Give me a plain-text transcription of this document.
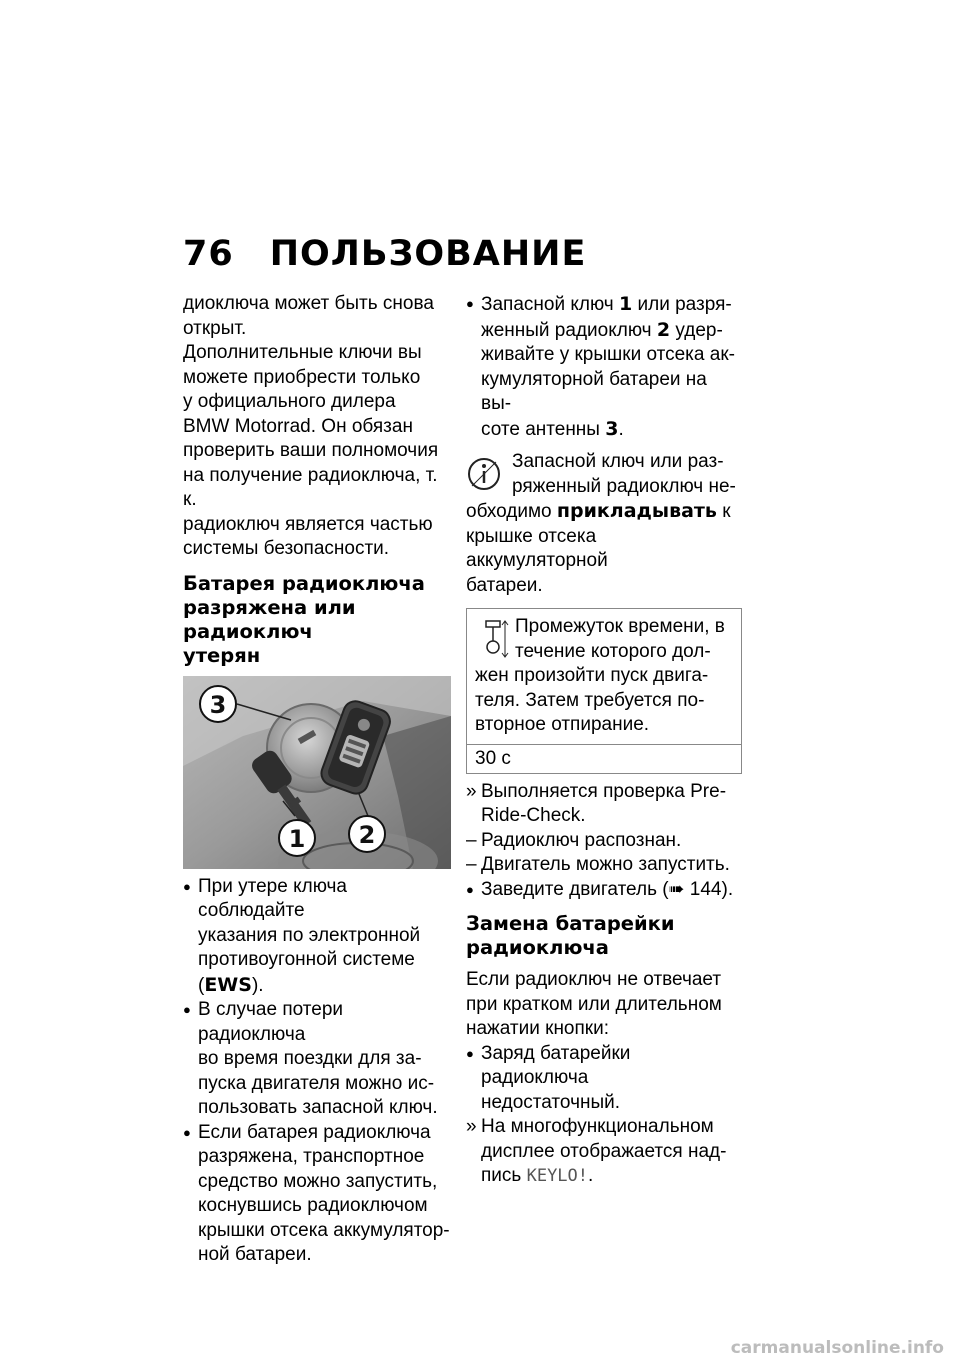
76 ПОЛЬЗОВАНИЕ

диоключа может быть снова

открыт.

Дополнительные ключи вы

можете приобрести только

у официального дилера

BMW Motorrad. Он обязан

проверить ваши полномочия

на получение радиоключа, т. к.

радиоключ является частью

системы безопасности.

Батарея радиоключа
разряжена или радиоключ
утерян
3
1 2
● При утере ключа соблюдайте
указания по электронной
противоугонной системе
(EWS).
● В случае потери радиоключа
во время поездки для за-
пуска двигателя можно ис-
пользовать запасной ключ.
● Если батарея радиоключа
разряжена, транспортное
средство можно запустить,
коснувшись радиоключом
крышки отсека аккумулятор-
ной батареи.
● Запасной ключ 1 или разря-
женный радиоключ 2 удер-
живайте у крышки отсека ак-
кумуляторной батареи на вы-
соте антенны 3.

Запасной ключ или раз-

ряженный радиоключ не-

обходимо прикладывать к

крышке отсека аккумуляторной

батареи.

Промежуток времени, в

течение которого дол-

жен произойти пуск двига-

теля. Затем требуется по-

вторное отпирание.

30 с
» Выполняется проверка Pre-
Ride-Check.
– Радиоключ распознан.
– Двигатель можно запустить.
● Заведите двигатель (➠ 144).
Замена батарейки
радиоключа

Если радиоключ не отвечает

при кратком или длительном

нажатии кнопки:

● Заряд батарейки радиоключа
недостаточный.
» На многофункциональном
дисплее отображается над-
пись KEYLO!.
carmanualsonline.info
